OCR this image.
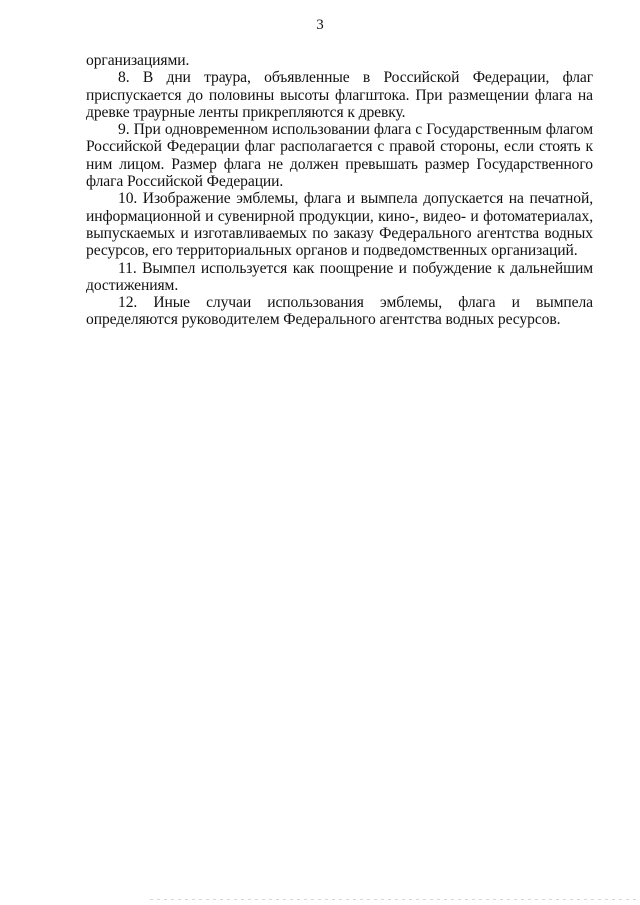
3

организациями.

8. В дни траура, объявленные в Российской Федерации, флаг приспускается до половины высоты флагштока. При размещении флага на древке траурные ленты прикрепляются к древку.

9. При одновременном использовании флага с Государственным флагом Российской Федерации флаг располагается с правой стороны, если стоять к ним лицом. Размер флага не должен превышать размер Государственного флага Российской Федерации.

10. Изображение эмблемы, флага и вымпела допускается на печатной, информационной и сувенирной продукции, кино-, видео- и фотоматериалах, выпускаемых и изготавливаемых по заказу Федерального агентства водных ресурсов, его территориальных органов и подведомственных организаций.

11. Вымпел используется как поощрение и побуждение к дальнейшим достижениям.

12. Иные случаи использования эмблемы, флага и вымпела определяются руководителем Федерального агентства водных ресурсов.
